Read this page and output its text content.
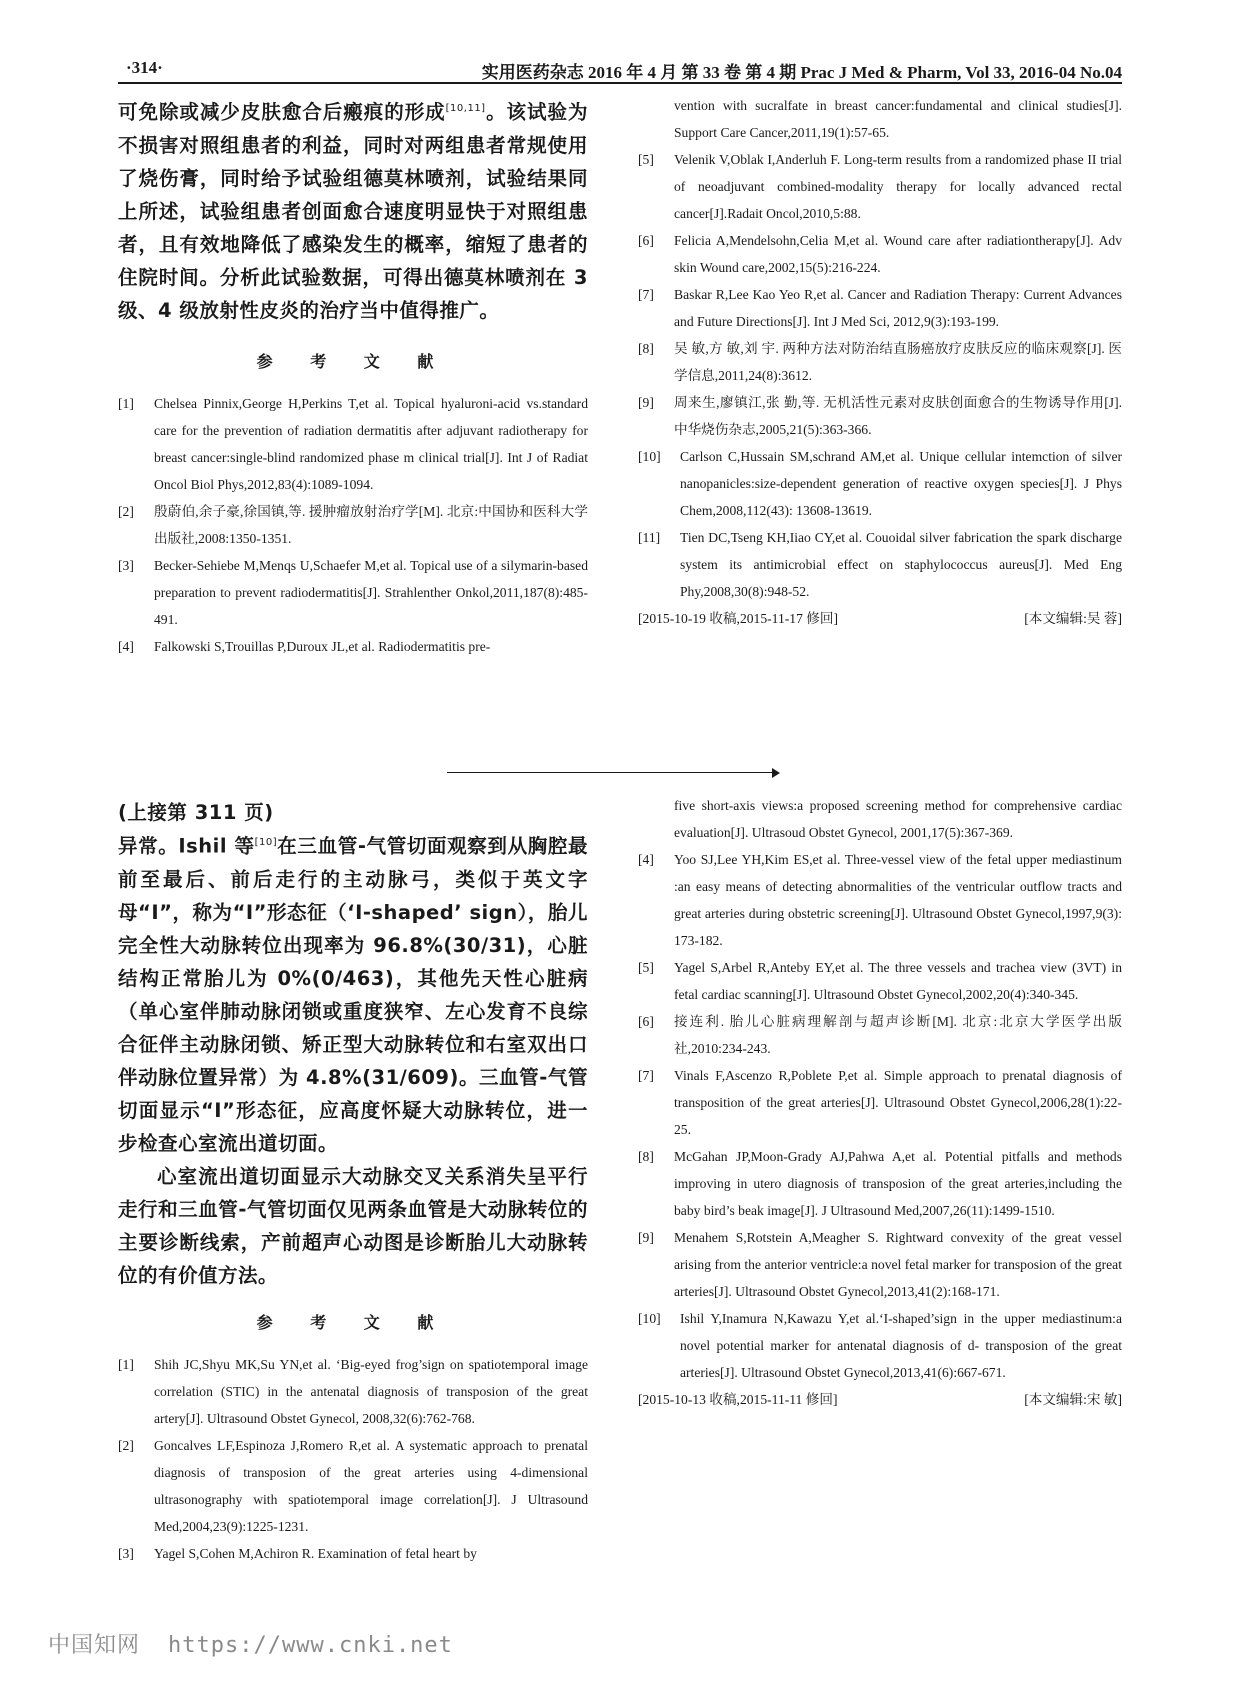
·314·	实用医药杂志 2016 年 4 月 第 33 卷 第 4 期 Prac J Med & Pharm, Vol 33, 2016-04 No.04

可免除或减少皮肤愈合后瘢痕的形成[10,11]。该试验为不损害对照组患者的利益，同时对两组患者常规使用了烧伤膏，同时给予试验组德莫林喷剂，试验结果同上所述，试验组患者创面愈合速度明显快于对照组患者，且有效地降低了感染发生的概率，缩短了患者的住院时间。分析此试验数据，可得出德莫林喷剂在 3 级、4 级放射性皮炎的治疗当中值得推广。

参 考 文 献

[1] Chelsea Pinnix,George H,Perkins T,et al. Topical hyaluroni-acid vs.standard care for the prevention of radiation dermatitis after adjuvant radiotherapy for breast cancer:single-blind randomized phase m clinical trial[J]. Int J of Radiat Oncol Biol Phys,2012,83(4):1089-1094.
[2] 殷蔚伯,余子豪,徐国镇,等. 援肿瘤放射治疗学[M]. 北京:中国协和医科大学出版社,2008:1350-1351.
[3] Becker-Sehiebe M,Menqs U,Schaefer M,et al. Topical use of a silymarin-based preparation to prevent radiodermatitis[J]. Strahlenther Onkol,2011,187(8):485-491.
[4] Falkowski S,Trouillas P,Duroux JL,et al. Radiodermatitis pre-
vention with sucralfate in breast cancer:fundamental and clinical studies[J]. Support Care Cancer,2011,19(1):57-65.
[5] Velenik V,Oblak I,Anderluh F. Long-term results from a randomized phase II trial of neoadjuvant combined-modality therapy for locally advanced rectal cancer[J].Radait Oncol,2010,5:88.
[6] Felicia A,Mendelsohn,Celia M,et al. Wound care after radiationtherapy[J]. Adv skin Wound care,2002,15(5):216-224.
[7] Baskar R,Lee Kao Yeo R,et al. Cancer and Radiation Therapy: Current Advances and Future Directions[J]. Int J Med Sci, 2012,9(3):193-199.
[8] 吴 敏,方 敏,刘 宇. 两种方法对防治结直肠癌放疗皮肤反应的临床观察[J]. 医学信息,2011,24(8):3612.
[9] 周来生,廖镇江,张 勤,等. 无机活性元素对皮肤创面愈合的生物诱导作用[J]. 中华烧伤杂志,2005,21(5):363-366.
[10] Carlson C,Hussain SM,schrand AM,et al. Unique cellular intemction of silver nanopanicles:size-dependent generation of reactive oxygen species[J]. J Phys Chem,2008,112(43): 13608-13619.
[11] Tien DC,Tseng KH,Iiao CY,et al. Couoidal silver fabrication the spark discharge system its antimicrobial effect on staphylococcus aureus[J]. Med Eng Phy,2008,30(8):948-52.
[2015-10-19 收稿,2015-11-17 修回]	[本文编辑:吴 蓉]

(上接第 311 页)

异常。Ishil 等[10]在三血管-气管切面观察到从胸腔最前至最后、前后走行的主动脉弓，类似于英文字母“I”，称为“I”形态征（‘I-shaped’ sign），胎儿完全性大动脉转位出现率为 96.8%(30/31)，心脏结构正常胎儿为 0%(0/463)，其他先天性心脏病（单心室伴肺动脉闭锁或重度狭窄、左心发育不良综合征伴主动脉闭锁、矫正型大动脉转位和右室双出口伴动脉位置异常）为 4.8%(31/609)。三血管-气管切面显示“I”形态征，应高度怀疑大动脉转位，进一步检查心室流出道切面。

心室流出道切面显示大动脉交叉关系消失呈平行走行和三血管-气管切面仅见两条血管是大动脉转位的主要诊断线索，产前超声心动图是诊断胎儿大动脉转位的有价值方法。

参 考 文 献

[1] Shih JC,Shyu MK,Su YN,et al. ‘Big-eyed frog’sign on spatiotemporal image correlation (STIC) in the antenatal diagnosis of transposion of the great artery[J]. Ultrasound Obstet Gynecol, 2008,32(6):762-768.
[2] Goncalves LF,Espinoza J,Romero R,et al. A systematic approach to prenatal diagnosis of transposion of the great arteries using 4-dimensional ultrasonography with spatiotemporal image correlation[J]. J Ultrasound Med,2004,23(9):1225-1231.
[3] Yagel S,Cohen M,Achiron R. Examination of fetal heart by
five short-axis views:a proposed screening method for comprehensive cardiac evaluation[J]. Ultrasoud Obstet Gynecol, 2001,17(5):367-369.
[4] Yoo SJ,Lee YH,Kim ES,et al. Three-vessel view of the fetal upper mediastinum :an easy means of detecting abnormalities of the ventricular outflow tracts and great arteries during obstetric screening[J]. Ultrasound Obstet Gynecol,1997,9(3): 173-182.
[5] Yagel S,Arbel R,Anteby EY,et al. The three vessels and trachea view (3VT) in fetal cardiac scanning[J]. Ultrasound Obstet Gynecol,2002,20(4):340-345.
[6] 接连利. 胎儿心脏病理解剖与超声诊断[M]. 北京:北京大学医学出版社,2010:234-243.
[7] Vinals F,Ascenzo R,Poblete P,et al. Simple approach to prenatal diagnosis of transposition of the great arteries[J]. Ultrasound Obstet Gynecol,2006,28(1):22-25.
[8] McGahan JP,Moon-Grady AJ,Pahwa A,et al. Potential pitfalls and methods improving in utero diagnosis of transposion of the great arteries,including the baby bird’s beak image[J]. J Ultrasound Med,2007,26(11):1499-1510.
[9] Menahem S,Rotstein A,Meagher S. Rightward convexity of the great vessel arising from the anterior ventricle:a novel fetal marker for transposion of the great arteries[J]. Ultrasound Obstet Gynecol,2013,41(2):168-171.
[10] Ishil Y,Inamura N,Kawazu Y,et al.‘I-shaped’sign in the upper mediastinum:a novel potential marker for antenatal diagnosis of d- transposion of the great arteries[J]. Ultrasound Obstet Gynecol,2013,41(6):667-671.
[2015-10-13 收稿,2015-11-11 修回]	[本文编辑:宋 敏]
中国知网 https://www.cnki.net
